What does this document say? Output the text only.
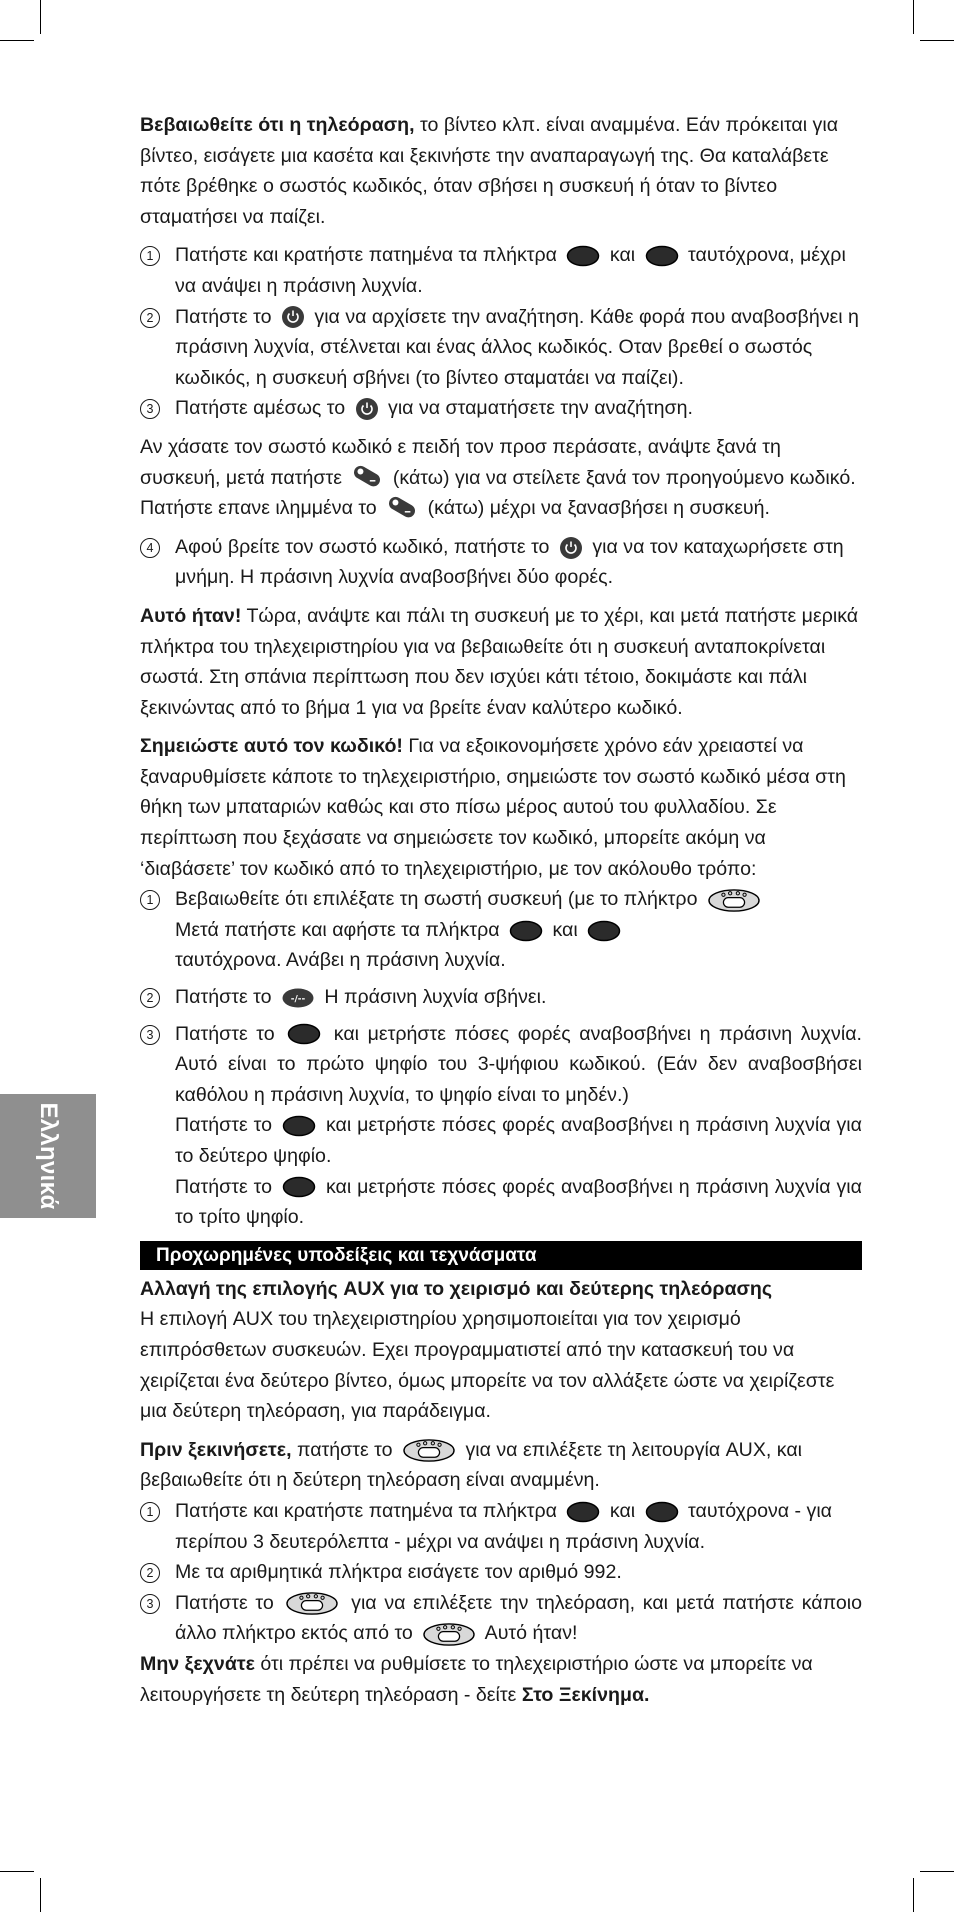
Ελληνικά

Βεβαιωθείτε ότι η τηλεόραση, το βίντεο κλπ. είναι αναμμένα. Εάν πρόκειται για βίντεο, εισάγετε μια κασέτα και ξεκινήστε την αναπαραγωγή της. Θα καταλάβετε πότε βρέθηκε ο σωστός κωδικός, όταν σβήσει η συσκευή ή όταν το βίντεο σταματήσει να παίζει.

1	Πατήστε και κρατήστε πατημένα τα πλήκτρα	και	ταυτόχρονα, μέχρι να ανάψει η πράσινη λυχνία.
2	Πατήστε το για να αρχίσετε την αναζήτηση. Κάθε φορά που αναβοσβήνει η πράσινη λυχνία, στέλνεται και ένας άλλος κωδικός. Oταν βρεθεί ο σωστός κωδικός, η συσκευή σβήνει (το βίντεο σταματάει να παίζει).
3	Πατήστε αμέσως το για να σταματήσετε την αναζήτηση.

Αν χάσατε τον σωστό κωδικό ε πειδή τον προσ περάσατε, ανάψτε ξανά τη συσκευή, μετά πατήστε	(κάτω) για να στείλετε ξανά τον προηγούμενο κωδικό. Πατήστε επανε ιλημμένα το	(κάτω) μέχρι να ξανασβήσει η συσκευή.

4	Αφού βρείτε τον σωστό κωδικό, πατήστε το για να τον καταχωρήσετε στη μνήμη. Η πράσινη λυχνία αναβοσβήνει δύο φορές.

Αυτό ήταν! Τώρα, ανάψτε και πάλι τη συσκευή με το χέρι, και μετά πατήστε μερικά πλήκτρα του τηλεχειριστηρίου για να βεβαιωθείτε ότι η συσκευή ανταποκρίνεται σωστά. Στη σπάνια περίπτωση που δεν ισχύει κάτι τέτοιο, δοκιμάστε και πάλι ξεκινώντας από το βήμα 1 για να βρείτε έναν καλύτερο κωδικό.

Σημειώστε αυτό τον κωδικό! Για να εξοικονομήσετε χρόνο εάν χρειαστεί να ξαναρυθμίσετε κάποτε το τηλεχειριστήριο, σημειώστε τον σωστό κωδικό μέσα στη θήκη των μπαταριών καθώς και στο πίσω μέρος αυτού του φυλλαδίου. Σε περίπτωση που ξεχάσατε να σημειώσετε τον κωδικό, μπορείτε ακόμη να ‘διαβάσετε’ τον κωδικό από το τηλεχειριστήριο, με τον ακόλουθο τρόπο:

1	Βεβαιωθείτε ότι επιλέξατε τη σωστή συσκευή (με το πλήκτρο
Μετά πατήστε και αφήστε τα πλήκτρα	και
ταυτόχρονα. Ανάβει η πράσινη λυχνία.
2	Πατήστε το	Η πράσινη λυχνία σβήνει.
3	Πατήστε το	και μετρήστε πόσες φορές αναβοσβήνει η πράσινη λυχνία. Αυτό είναι το πρώτο ψηφίο του 3-ψήφιου κωδικού. (Εάν δεν αναβοσβήσει καθόλου η πράσινη λυχνία, το ψηφίο είναι το μηδέν.)
Πατήστε το	και μετρήστε πόσες φορές αναβοσβήνει η πράσινη λυχνία για το δεύτερο ψηφίο.
Πατήστε το	και μετρήστε πόσες φορές αναβοσβήνει η πράσινη λυχνία για το τρίτο ψηφίο.
Προχωρημένες υποδείξεις και τεχνάσματα
Αλλαγή της επιλογής AUX για το χειρισμό και δεύτερης τηλεόρασης

Η επιλογή AUX του τηλεχειριστηρίου χρησιμοποιείται για τον χειρισμό επιπρόσθετων συσκευών. Εχει προγραμματιστεί από την κατασκευή του να χειρίζεται ένα δεύτερο βίντεο, όμως μπορείτε να τον αλλάξετε ώστε να χειρίζεστε μια δεύτερη τηλεόραση, για παράδειγμα.

Πριν ξεκινήσετε, πατήστε το	για να επιλέξετε τη λειτουργία AUX, και βεβαιωθείτε ότι η δεύτερη τηλεόραση είναι αναμμένη.

1	Πατήστε και κρατήστε πατημένα τα πλήκτρα	και	ταυτόχρονα - για περίπου 3 δευτερόλεπτα - μέχρι να ανάψει η πράσινη λυχνία.
2	Με τα αριθμητικά πλήκτρα εισάγετε τον αριθμό 992.
3	Πατήστε το	για να επιλέξετε την τηλεόραση, και μετά πατήστε κάποιο άλλο πλήκτρο εκτός από το	Αυτό ήταν!

Μην ξεχνάτε ότι πρέπει να ρυθμίσετε το τηλεχειριστήριο ώστε να μπορείτε να λειτουργήσετε τη δεύτερη τηλεόραση - δείτε Στο Ξεκίνημα.
